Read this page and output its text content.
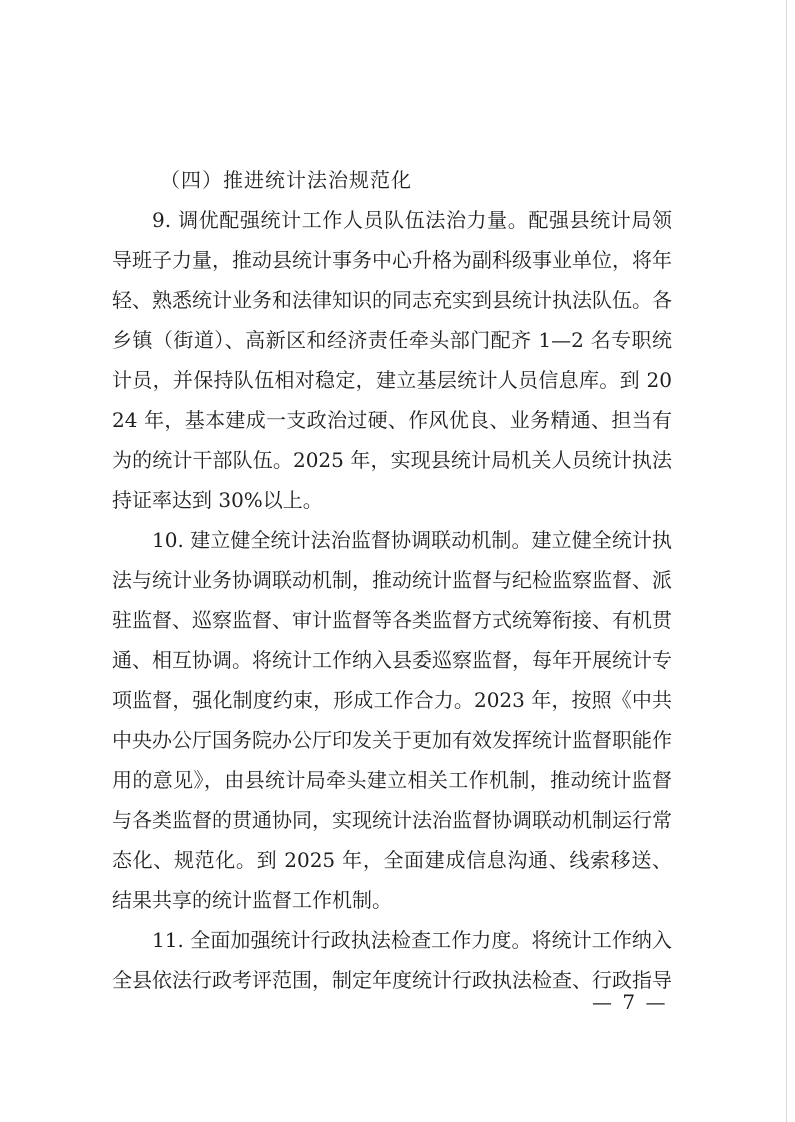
（四）推进统计法治规范化

9. 调优配强统计工作人员队伍法治力量。配强县统计局领导班子力量，推动县统计事务中心升格为副科级事业单位，将年轻、熟悉统计业务和法律知识的同志充实到县统计执法队伍。各乡镇（街道）、高新区和经济责任牵头部门配齐 1—2 名专职统计员，并保持队伍相对稳定，建立基层统计人员信息库。到 2024 年，基本建成一支政治过硬、作风优良、业务精通、担当有为的统计干部队伍。2025 年，实现县统计局机关人员统计执法持证率达到 30%以上。

10. 建立健全统计法治监督协调联动机制。建立健全统计执法与统计业务协调联动机制，推动统计监督与纪检监察监督、派驻监督、巡察监督、审计监督等各类监督方式统筹衔接、有机贯通、相互协调。将统计工作纳入县委巡察监督，每年开展统计专项监督，强化制度约束，形成工作合力。2023 年，按照《中共中央办公厅国务院办公厅印发关于更加有效发挥统计监督职能作用的意见》，由县统计局牵头建立相关工作机制，推动统计监督与各类监督的贯通协同，实现统计法治监督协调联动机制运行常态化、规范化。到 2025 年，全面建成信息沟通、线索移送、结果共享的统计监督工作机制。

11. 全面加强统计行政执法检查工作力度。将统计工作纳入全县依法行政考评范围，制定年度统计行政执法检查、行政指导

— 7 —
